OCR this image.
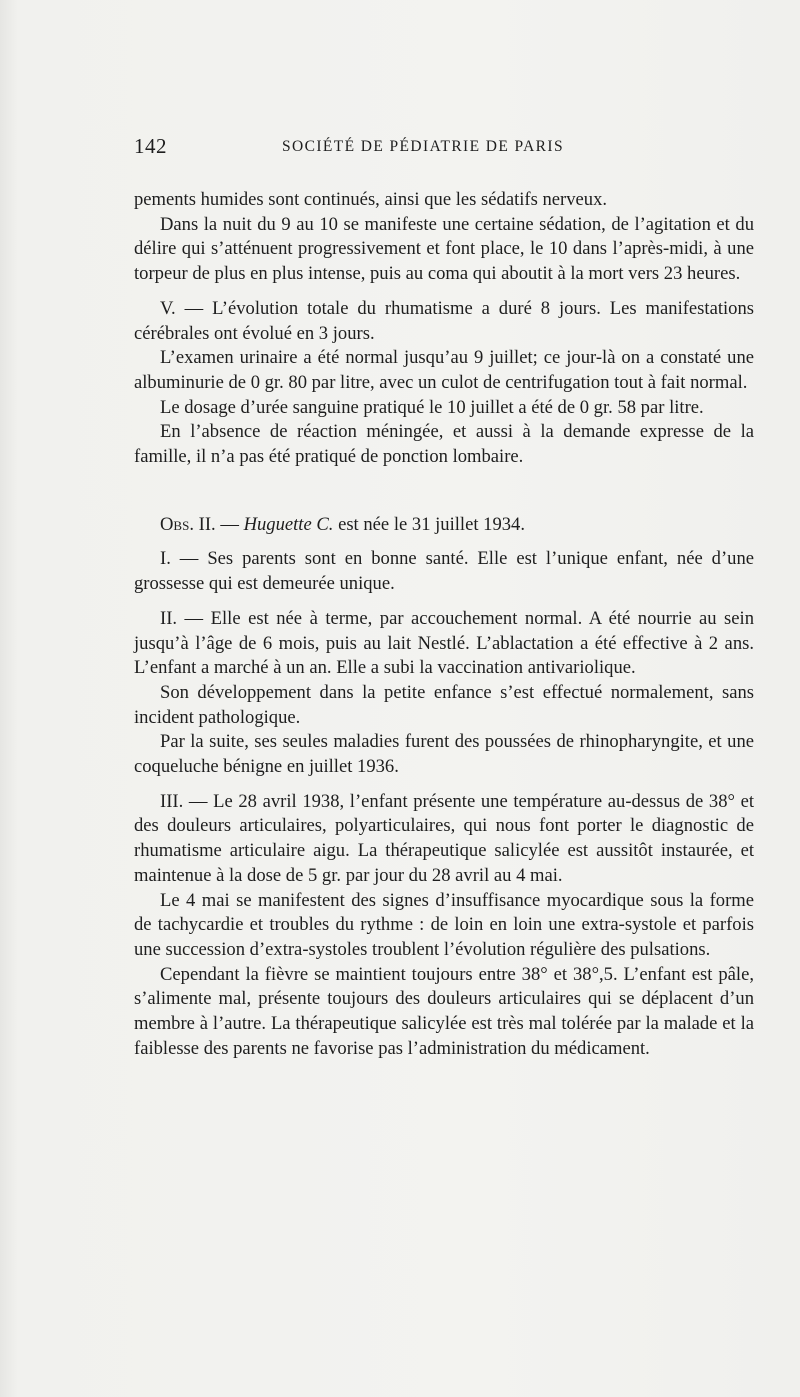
142	SOCIÉTÉ DE PÉDIATRIE DE PARIS

pements humides sont continués, ainsi que les sédatifs nerveux.

Dans la nuit du 9 au 10 se manifeste une certaine sédation, de l’agitation et du délire qui s’atténuent progressivement et font place, le 10 dans l’après-midi, à une torpeur de plus en plus intense, puis au coma qui aboutit à la mort vers 23 heures.

V. — L’évolution totale du rhumatisme a duré 8 jours. Les manifestations cérébrales ont évolué en 3 jours.

L’examen urinaire a été normal jusqu’au 9 juillet; ce jour-là on a constaté une albuminurie de 0 gr. 80 par litre, avec un culot de centrifugation tout à fait normal.

Le dosage d’urée sanguine pratiqué le 10 juillet a été de 0 gr. 58 par litre.

En l’absence de réaction méningée, et aussi à la demande expresse de la famille, il n’a pas été pratiqué de ponction lombaire.

Obs. II. — Huguette C. est née le 31 juillet 1934.

I. — Ses parents sont en bonne santé. Elle est l’unique enfant, née d’une grossesse qui est demeurée unique.

II. — Elle est née à terme, par accouchement normal. A été nourrie au sein jusqu’à l’âge de 6 mois, puis au lait Nestlé. L’ablactation a été effective à 2 ans. L’enfant a marché à un an. Elle a subi la vaccination antivariolique.

Son développement dans la petite enfance s’est effectué normalement, sans incident pathologique.

Par la suite, ses seules maladies furent des poussées de rhinopharyngite, et une coqueluche bénigne en juillet 1936.

III. — Le 28 avril 1938, l’enfant présente une température au-dessus de 38° et des douleurs articulaires, polyarticulaires, qui nous font porter le diagnostic de rhumatisme articulaire aigu. La thérapeutique salicylée est aussitôt instaurée, et maintenue à la dose de 5 gr. par jour du 28 avril au 4 mai.

Le 4 mai se manifestent des signes d’insuffisance myocardique sous la forme de tachycardie et troubles du rythme : de loin en loin une extra-systole et parfois une succession d’extra-systoles troublent l’évolution régulière des pulsations.

Cependant la fièvre se maintient toujours entre 38° et 38°,5. L’enfant est pâle, s’alimente mal, présente toujours des douleurs articulaires qui se déplacent d’un membre à l’autre. La thérapeutique salicylée est très mal tolérée par la malade et la faiblesse des parents ne favorise pas l’administration du médicament.
